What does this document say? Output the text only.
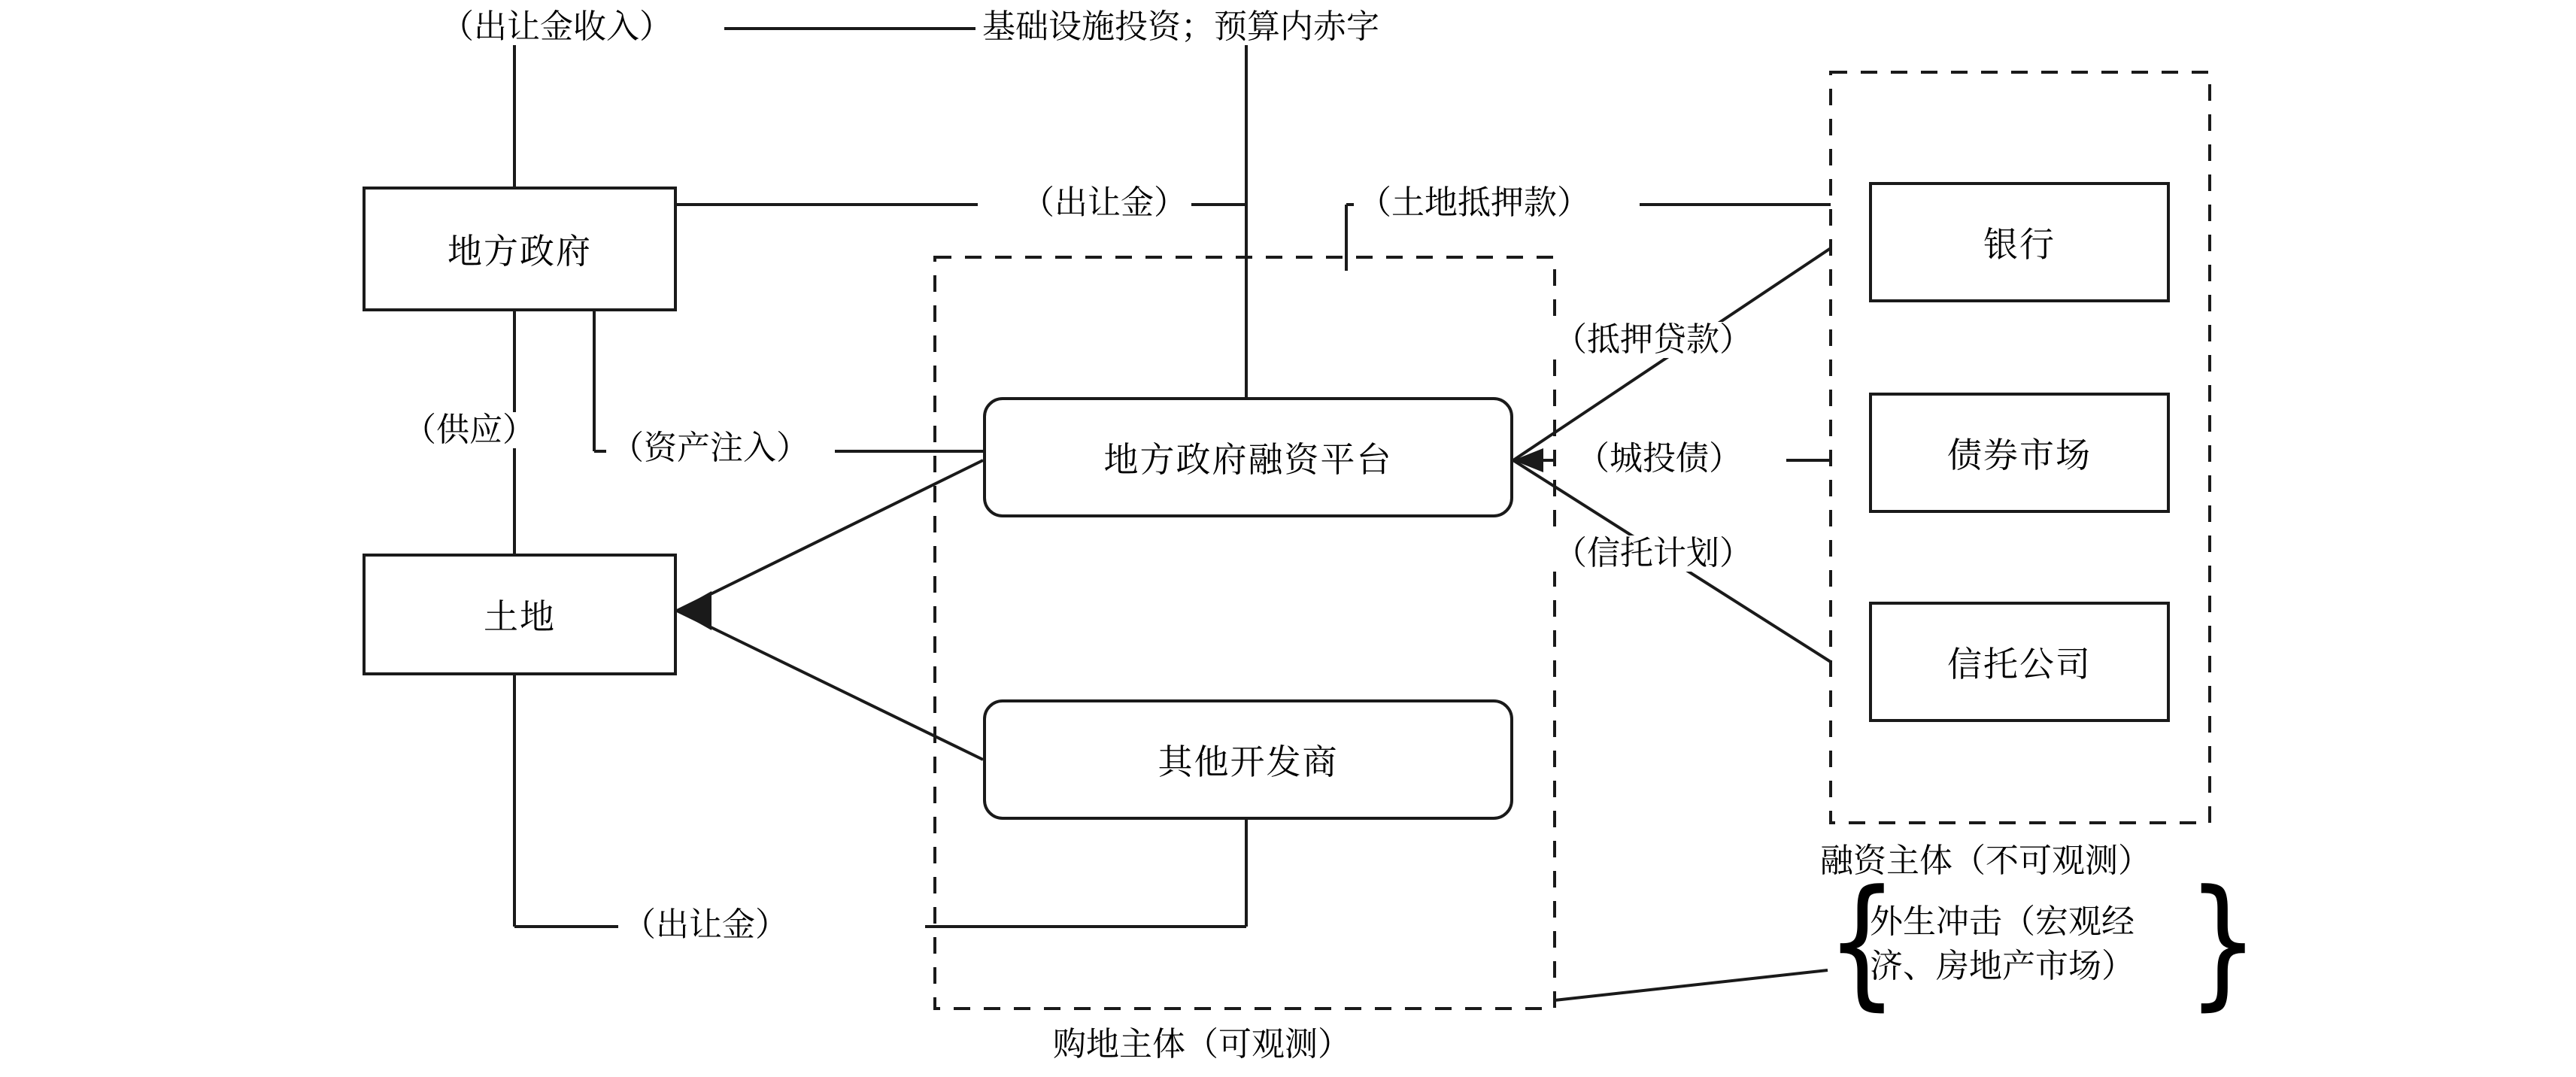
地方政府
土地
地方政府融资平台
其他开发商
银行
债券市场
信托公司
（出让金收入）	基础设施投资；预算内赤字
（出让金）	（土地抵押款）
（供应） （资产注入）
（抵押贷款）
（城投债）
（信托计划）
（出让金）
融资主体（不可观测）
购地主体（可观测）
{
外生冲击（宏观经
济、房地产市场） }
